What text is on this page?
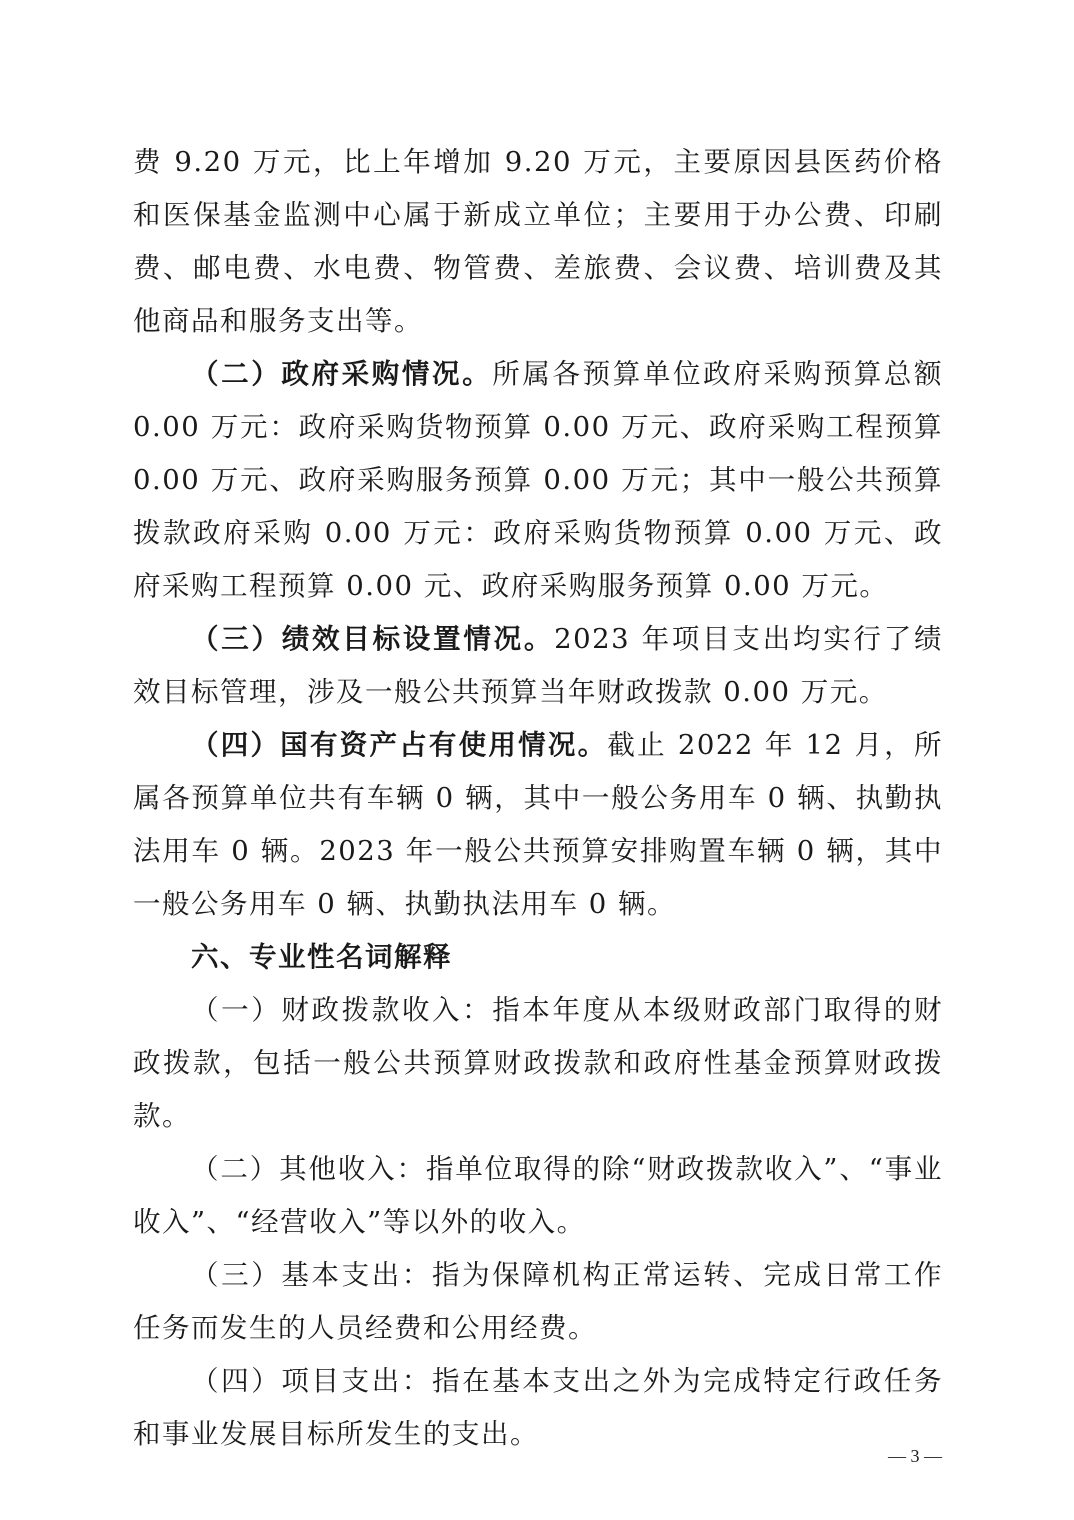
费 9.20 万元，比上年增加 9.20 万元，主要原因县医药价格和医保基金监测中心属于新成立单位；主要用于办公费、印刷费、邮电费、水电费、物管费、差旅费、会议费、培训费及其他商品和服务支出等。

（二）政府采购情况。所属各预算单位政府采购预算总额 0.00 万元：政府采购货物预算 0.00 万元、政府采购工程预算 0.00 万元、政府采购服务预算 0.00 万元；其中一般公共预算拨款政府采购 0.00 万元：政府采购货物预算 0.00 万元、政府采购工程预算 0.00 元、政府采购服务预算 0.00 万元。

（三）绩效目标设置情况。2023 年项目支出均实行了绩效目标管理，涉及一般公共预算当年财政拨款 0.00 万元。

（四）国有资产占有使用情况。截止 2022 年 12 月，所属各预算单位共有车辆 0 辆，其中一般公务用车 0 辆、执勤执法用车 0 辆。2023 年一般公共预算安排购置车辆 0 辆，其中一般公务用车 0 辆、执勤执法用车 0 辆。

六、专业性名词解释

（一）财政拨款收入：指本年度从本级财政部门取得的财政拨款，包括一般公共预算财政拨款和政府性基金预算财政拨款。

（二）其他收入：指单位取得的除“财政拨款收入”、“事业收入”、“经营收入”等以外的收入。

（三）基本支出：指为保障机构正常运转、完成日常工作任务而发生的人员经费和公用经费。

（四）项目支出：指在基本支出之外为完成特定行政任务和事业发展目标所发生的支出。

— 3 —
